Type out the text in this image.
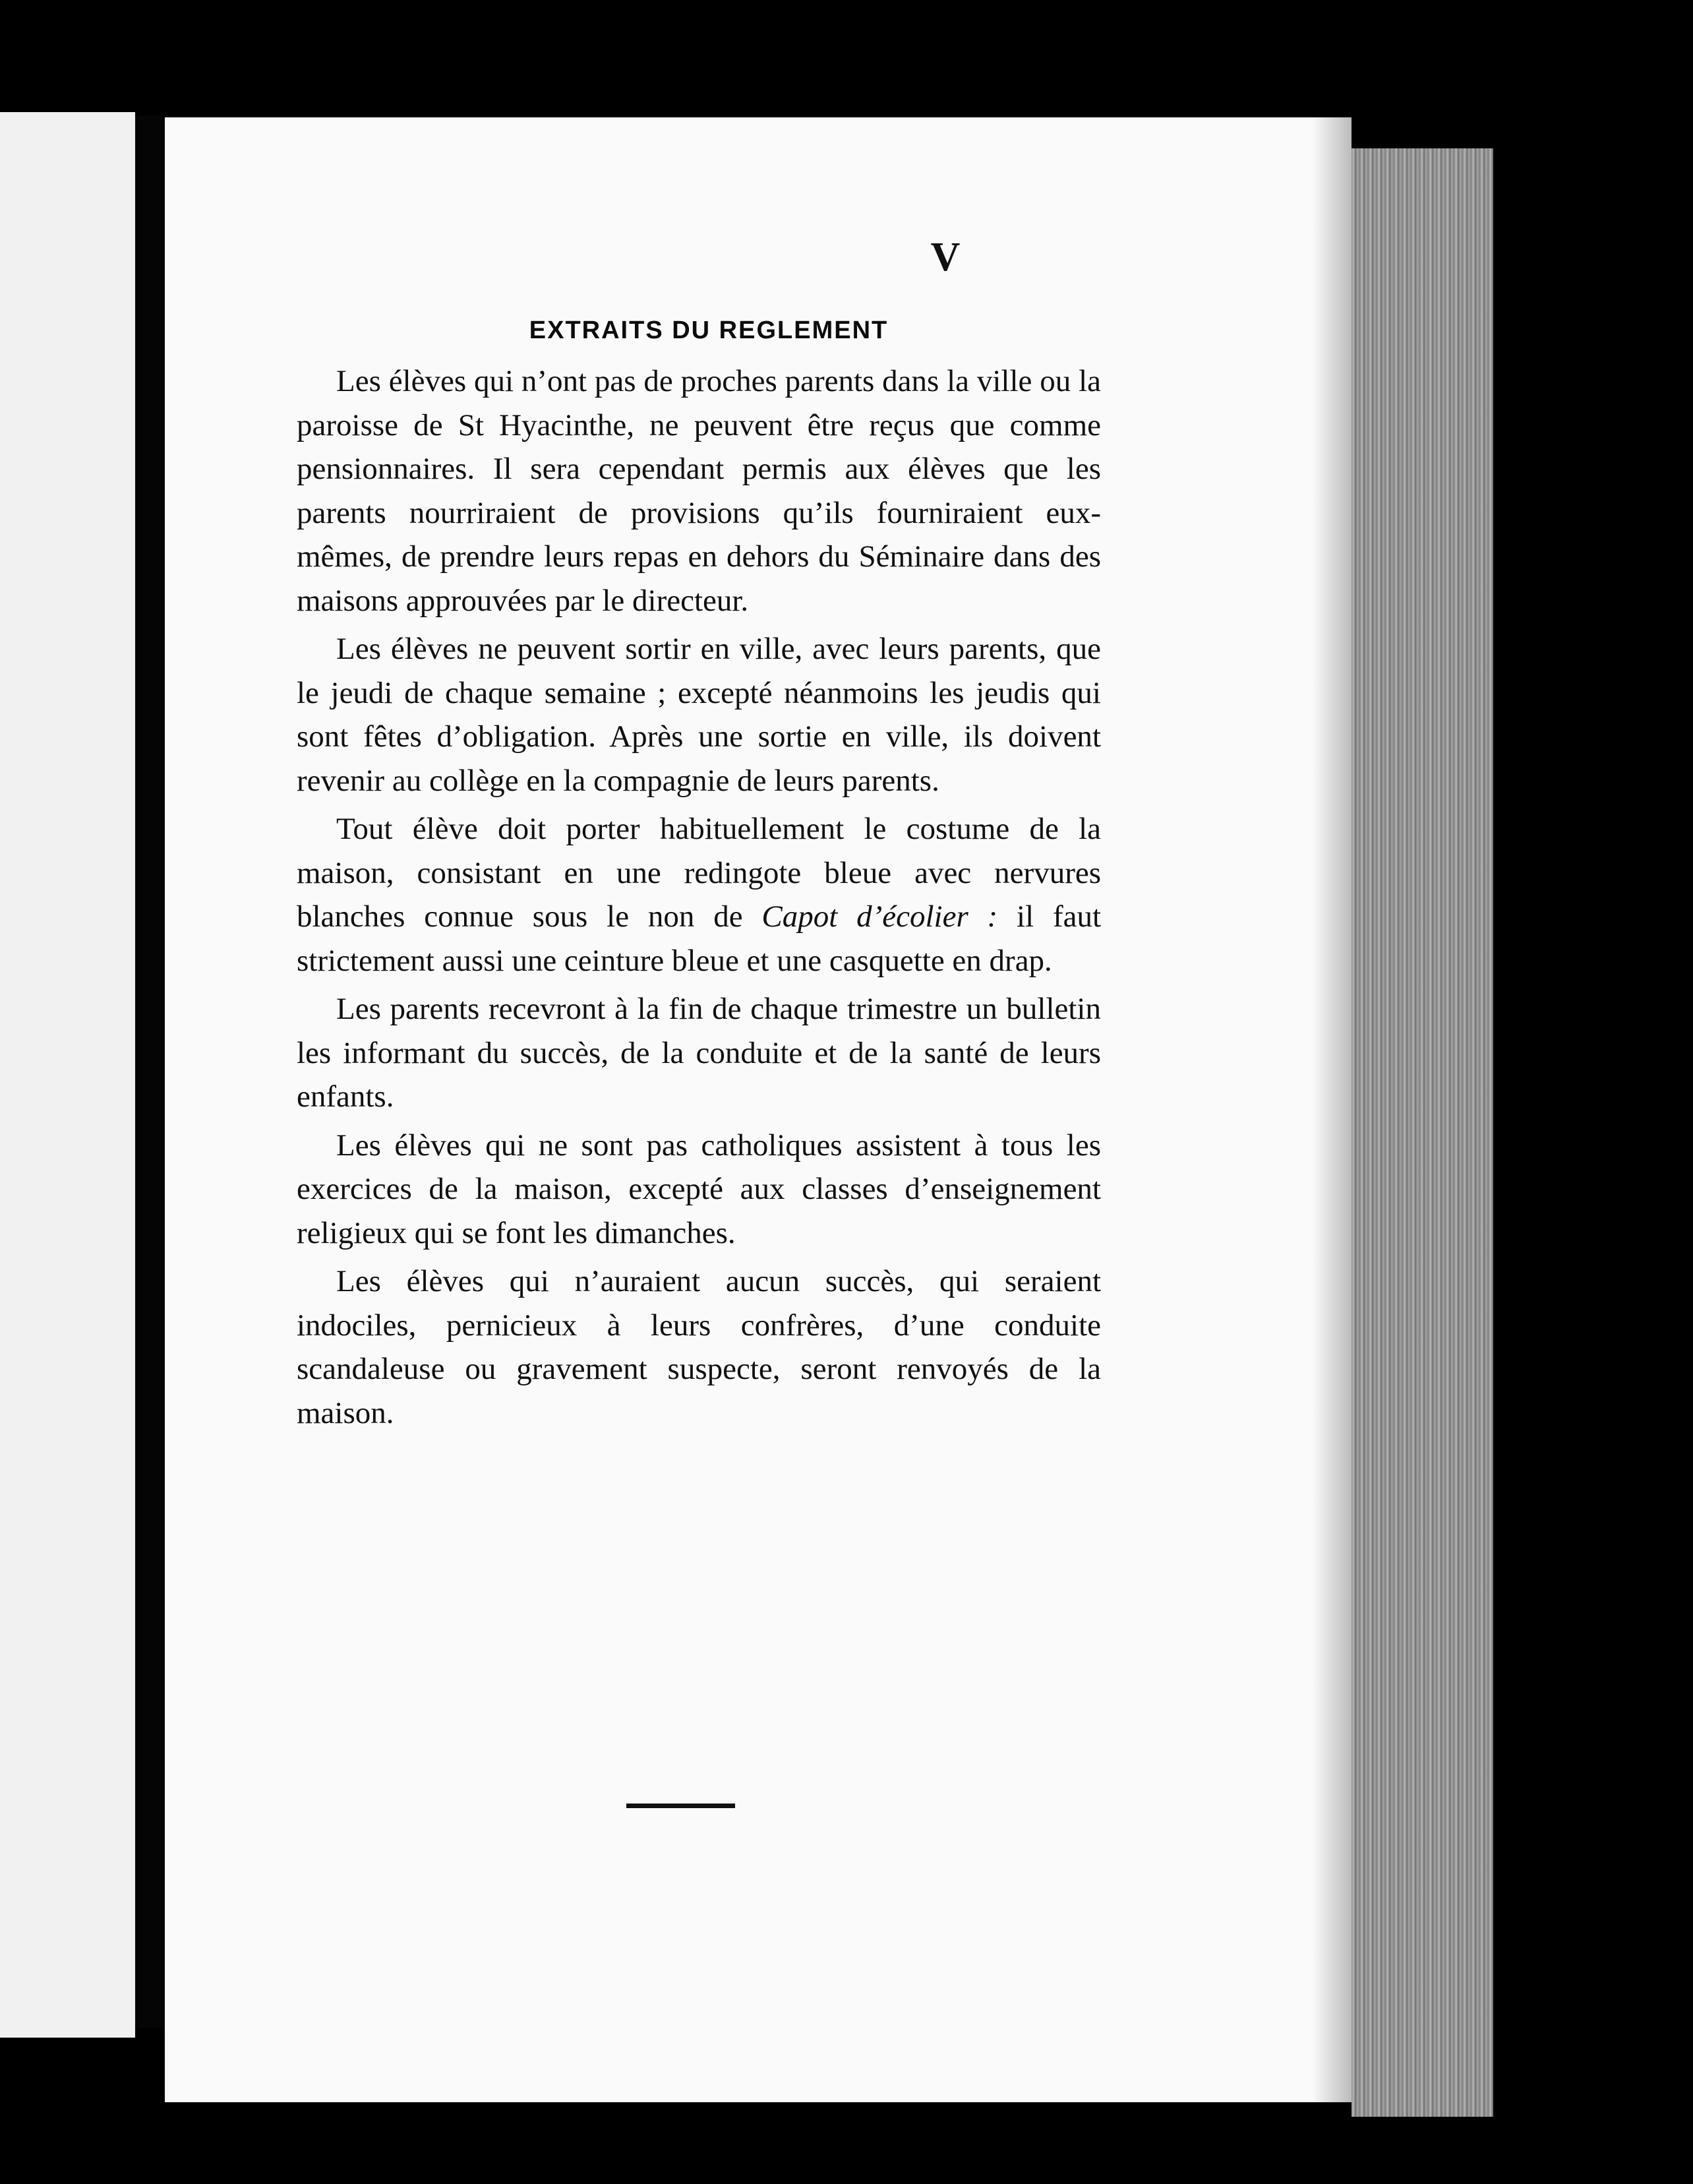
V
EXTRAITS DU REGLEMENT

Les élèves qui n’ont pas de proches parents dans la ville ou la paroisse de St Hyacinthe, ne peuvent être reçus que comme pensionnaires. Il sera cependant permis aux élèves que les parents nourriraient de provisions qu’ils fourniraient eux-mêmes, de prendre leurs repas en dehors du Séminaire dans des maisons approuvées par le directeur.

Les élèves ne peuvent sortir en ville, avec leurs parents, que le jeudi de chaque semaine ; excepté néanmoins les jeudis qui sont fêtes d’obligation. Après une sortie en ville, ils doivent revenir au collège en la compagnie de leurs parents.

Tout élève doit porter habituellement le costume de la maison, consistant en une redingote bleue avec nervures blanches connue sous le non de Capot d’écolier : il faut strictement aussi une ceinture bleue et une casquette en drap.

Les parents recevront à la fin de chaque trimestre un bulletin les informant du succès, de la conduite et de la santé de leurs enfants.

Les élèves qui ne sont pas catholiques assistent à tous les exercices de la maison, excepté aux classes d’enseignement religieux qui se font les dimanches.

Les élèves qui n’auraient aucun succès, qui seraient indociles, pernicieux à leurs confrères, d’une conduite scandaleuse ou gravement suspecte, seront renvoyés de la maison.
